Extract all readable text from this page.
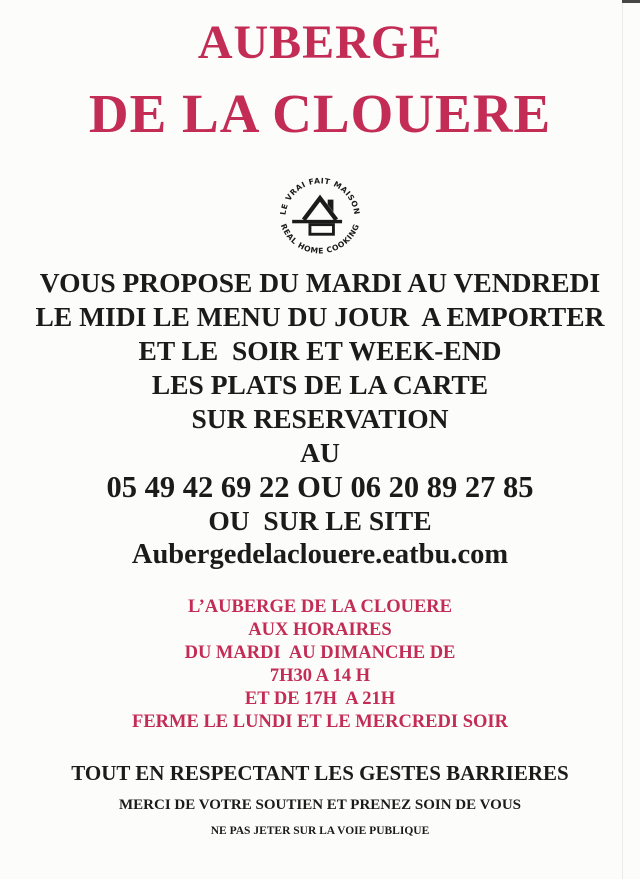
AUBERGE
DE LA CLOUERE
LE VRAI FAIT MAISON
REAL HOME COOKING
VOUS PROPOSE DU MARDI AU VENDREDI
LE MIDI LE MENU DU JOUR  A EMPORTER
ET LE  SOIR ET WEEK-END
LES PLATS DE LA CARTE
SUR RESERVATION
AU
05 49 42 69 22 OU 06 20 89 27 85
OU  SUR LE SITE
Aubergedelaclouere.eatbu.com
L’AUBERGE DE LA CLOUERE
AUX HORAIRES
DU MARDI  AU DIMANCHE DE
7H30 A 14 H
ET DE 17H  A 21H
FERME LE LUNDI ET LE MERCREDI SOIR
TOUT EN RESPECTANT LES GESTES BARRIERES
MERCI DE VOTRE SOUTIEN ET PRENEZ SOIN DE VOUS
NE PAS JETER SUR LA VOIE PUBLIQUE
